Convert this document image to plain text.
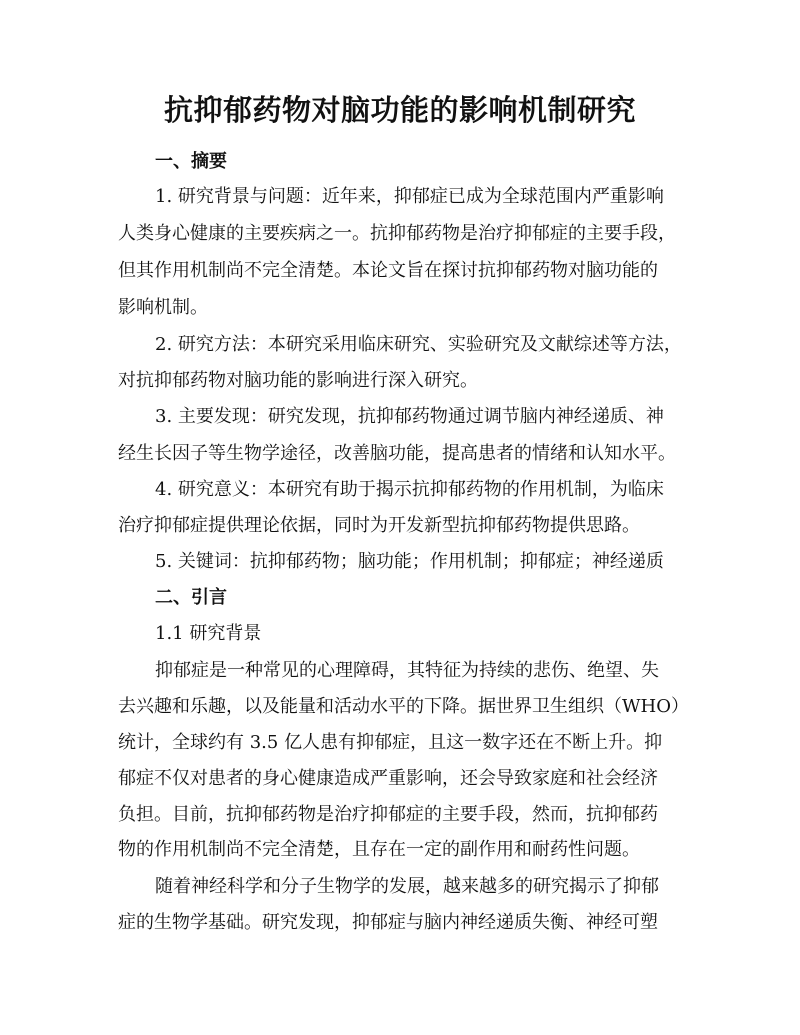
抗抑郁药物对脑功能的影响机制研究
一、摘要
1. 研究背景与问题：近年来，抑郁症已成为全球范围内严重影响
人类身心健康的主要疾病之一。抗抑郁药物是治疗抑郁症的主要手段，
但其作用机制尚不完全清楚。本论文旨在探讨抗抑郁药物对脑功能的
影响机制。
2. 研究方法：本研究采用临床研究、实验研究及文献综述等方法，
对抗抑郁药物对脑功能的影响进行深入研究。
3. 主要发现：研究发现，抗抑郁药物通过调节脑内神经递质、神
经生长因子等生物学途径，改善脑功能，提高患者的情绪和认知水平。
4. 研究意义：本研究有助于揭示抗抑郁药物的作用机制，为临床
治疗抑郁症提供理论依据，同时为开发新型抗抑郁药物提供思路。
5. 关键词：抗抑郁药物；脑功能；作用机制；抑郁症；神经递质
二、引言
1.1 研究背景
抑郁症是一种常见的心理障碍，其特征为持续的悲伤、绝望、失
去兴趣和乐趣，以及能量和活动水平的下降。据世界卫生组织（WHO）
统计，全球约有 3.5 亿人患有抑郁症，且这一数字还在不断上升。抑
郁症不仅对患者的身心健康造成严重影响，还会导致家庭和社会经济
负担。目前，抗抑郁药物是治疗抑郁症的主要手段，然而，抗抑郁药
物的作用机制尚不完全清楚，且存在一定的副作用和耐药性问题。
随着神经科学和分子生物学的发展，越来越多的研究揭示了抑郁
症的生物学基础。研究发现，抑郁症与脑内神经递质失衡、神经可塑
